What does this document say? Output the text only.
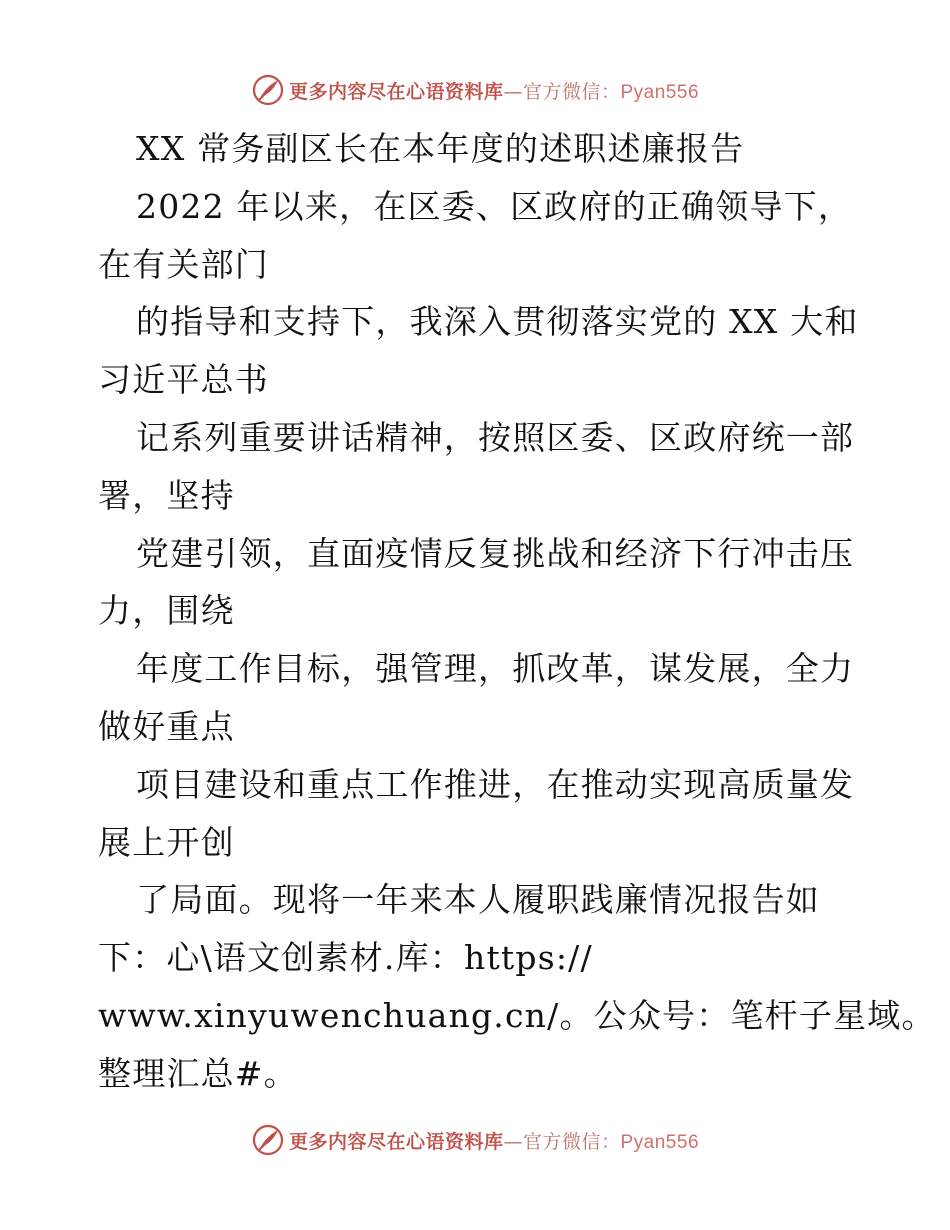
更多内容尽在心语资料库—官方微信：Pyan556
XX 常务副区长在本年度的述职述廉报告
2022 年以来，在区委、区政府的正确领导下，
在有关部门
的指导和支持下，我深入贯彻落实党的 XX 大和
习近平总书
记系列重要讲话精神，按照区委、区政府统一部
署，坚持
党建引领，直面疫情反复挑战和经济下行冲击压
力，围绕
年度工作目标，强管理，抓改革，谋发展，全力
做好重点
项目建设和重点工作推进，在推动实现高质量发
展上开创
了局面。现将一年来本人履职践廉情况报告如
下：心\语文创素材.库：https://
www.xinyuwenchuang.cn/。公众号：笔杆子星域。
整理汇总#。
更多内容尽在心语资料库—官方微信：Pyan556
